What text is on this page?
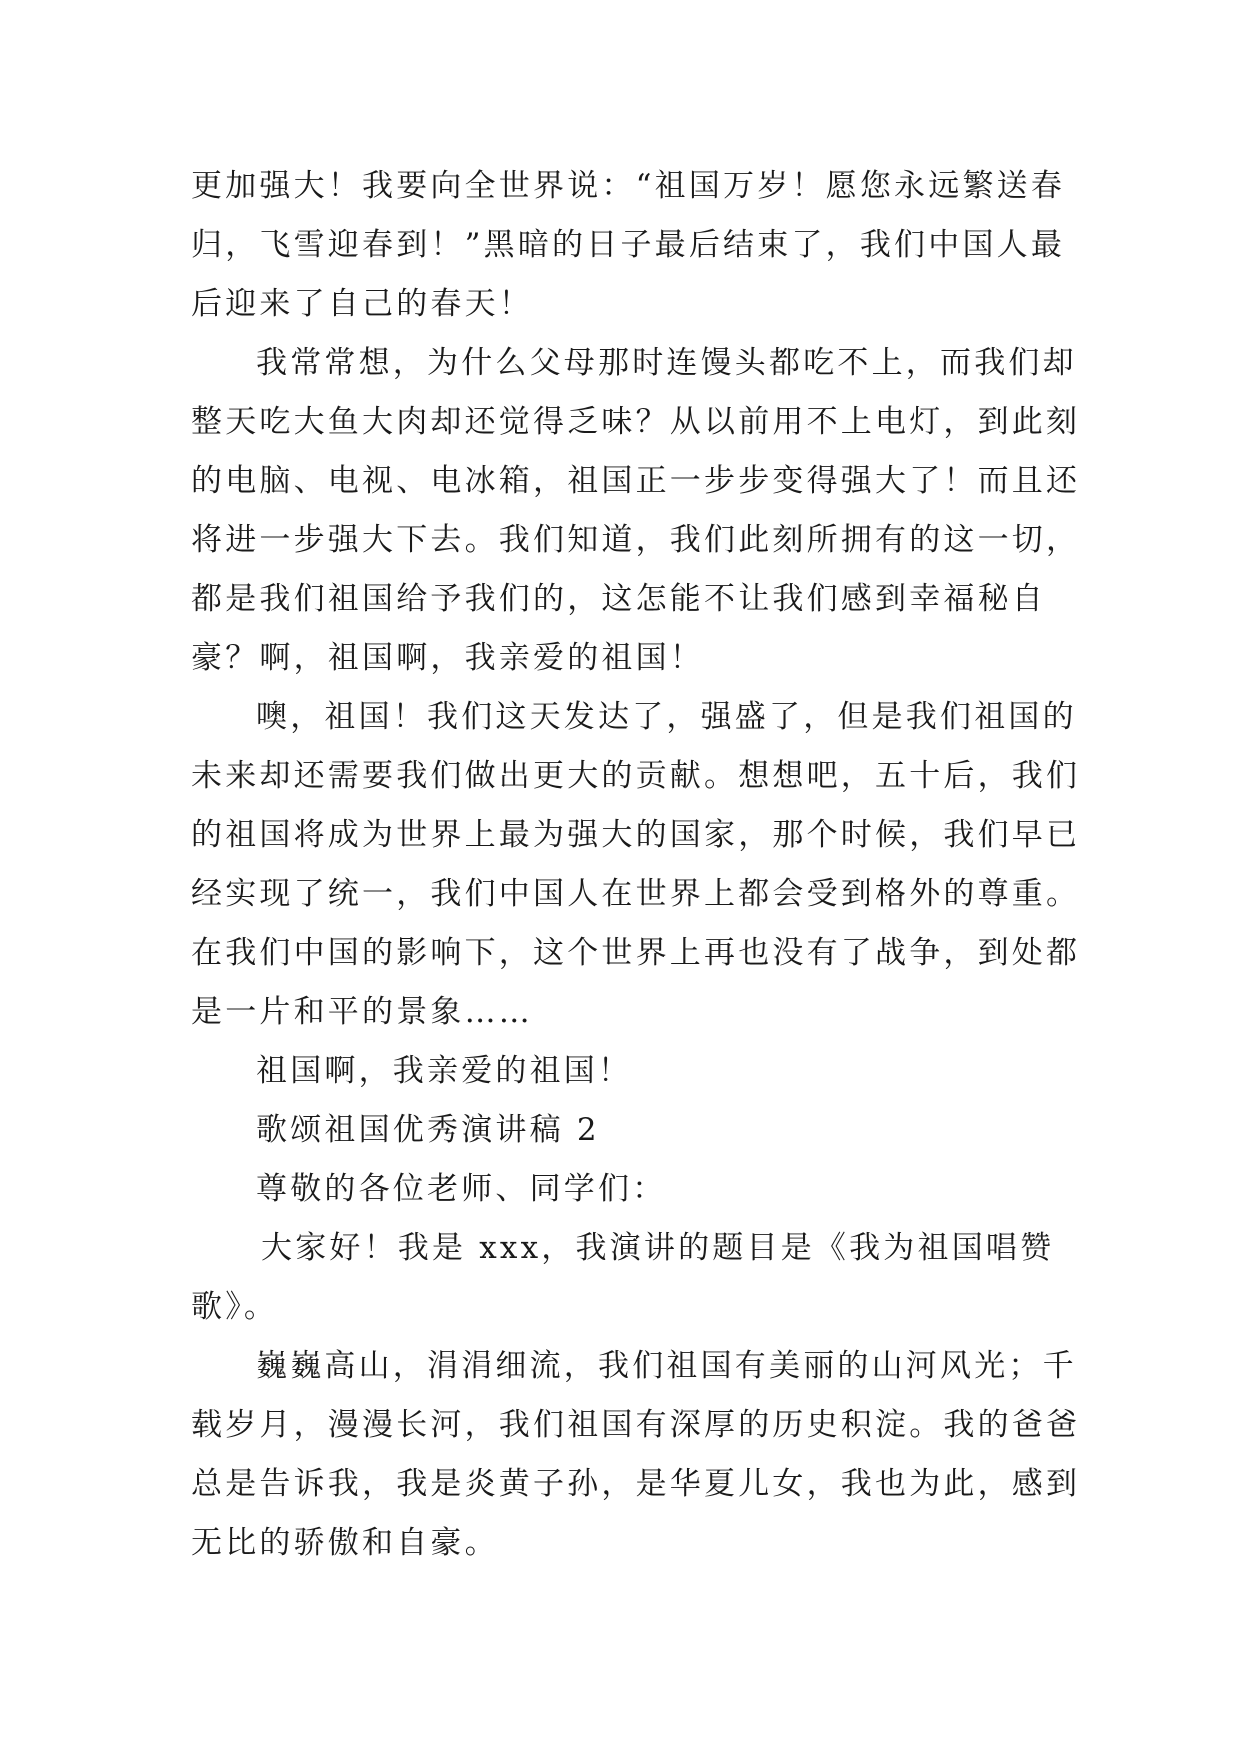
更加强大！我要向全世界说：“祖国万岁！愿您永远繁送春
归，飞雪迎春到！”黑暗的日子最后结束了，我们中国人最
后迎来了自己的春天！
我常常想，为什么父母那时连馒头都吃不上，而我们却
整天吃大鱼大肉却还觉得乏味？从以前用不上电灯，到此刻
的电脑、电视、电冰箱，祖国正一步步变得强大了！而且还
将进一步强大下去。我们知道，我们此刻所拥有的这一切，
都是我们祖国给予我们的，这怎能不让我们感到幸福秘自
豪？啊，祖国啊，我亲爱的祖国！
噢，祖国！我们这天发达了，强盛了，但是我们祖国的
未来却还需要我们做出更大的贡献。想想吧，五十后，我们
的祖国将成为世界上最为强大的国家，那个时候，我们早已
经实现了统一，我们中国人在世界上都会受到格外的尊重。
在我们中国的影响下，这个世界上再也没有了战争，到处都
是一片和平的景象……
祖国啊，我亲爱的祖国！
歌颂祖国优秀演讲稿 2
尊敬的各位老师、同学们：
大家好！我是 xxx，我演讲的题目是《我为祖国唱赞
歌》。
巍巍高山，涓涓细流，我们祖国有美丽的山河风光；千
载岁月，漫漫长河，我们祖国有深厚的历史积淀。我的爸爸
总是告诉我，我是炎黄子孙，是华夏儿女，我也为此，感到
无比的骄傲和自豪。
